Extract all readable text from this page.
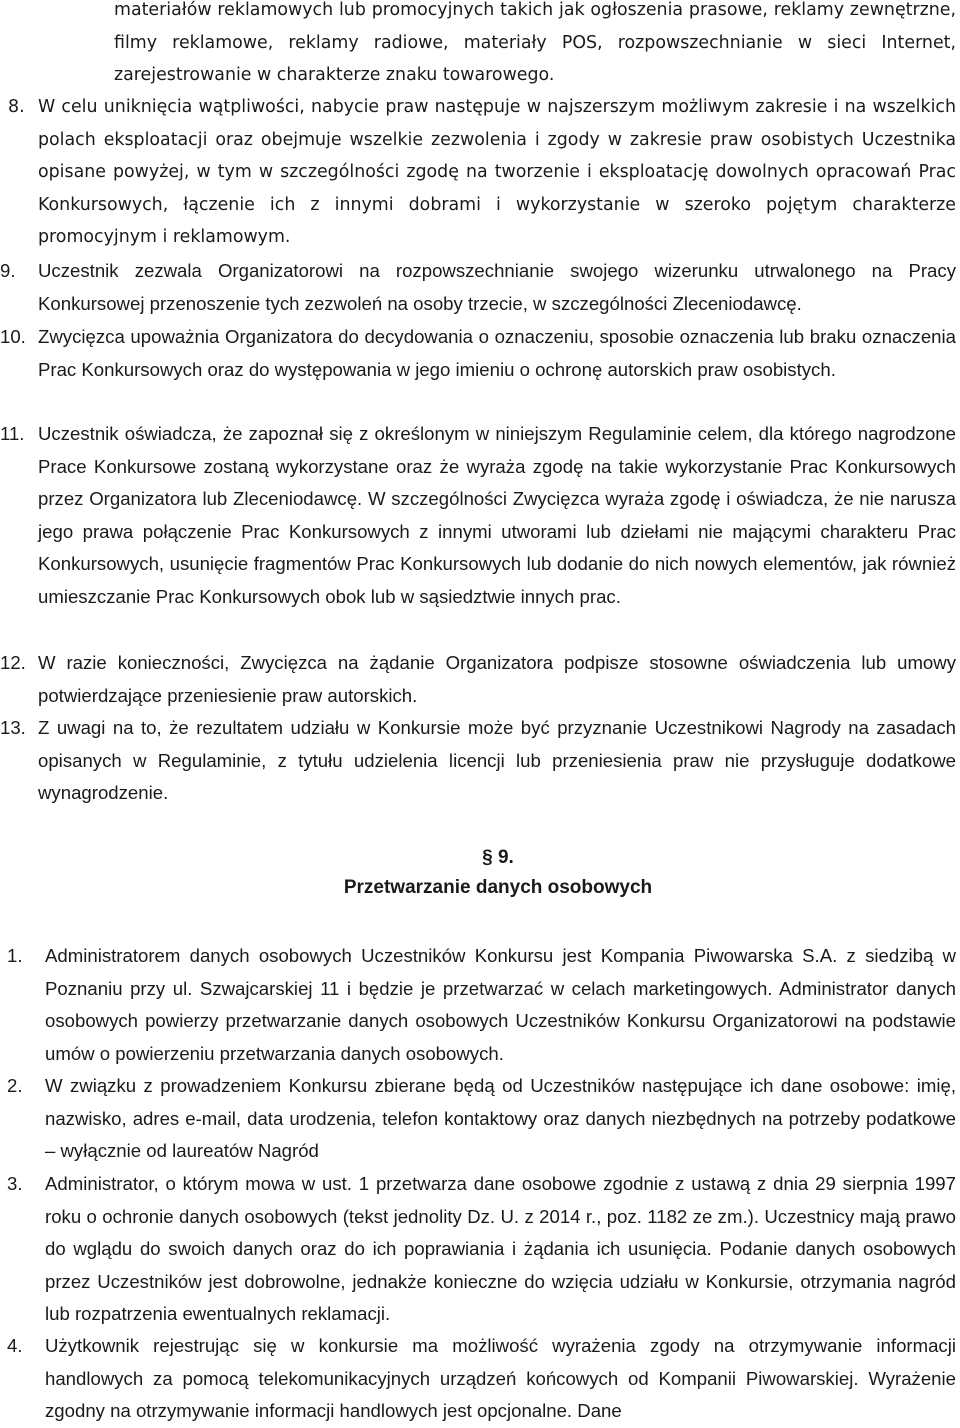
materiałów reklamowych lub promocyjnych takich jak ogłoszenia prasowe, reklamy zewnętrzne, filmy reklamowe, reklamy radiowe, materiały POS, rozpowszechnianie w sieci Internet, zarejestrowanie w charakterze znaku towarowego.
8. W celu uniknięcia wątpliwości, nabycie praw następuje w najszerszym możliwym zakresie i na wszelkich polach eksploatacji oraz obejmuje wszelkie zezwolenia i zgody w zakresie praw osobistych Uczestnika opisane powyżej, w tym w szczególności zgodę na tworzenie i eksploatację dowolnych opracowań Prac Konkursowych, łączenie ich z innymi dobrami i wykorzystanie w szeroko pojętym charakterze promocyjnym i reklamowym.
9. Uczestnik zezwala Organizatorowi na rozpowszechnianie swojego wizerunku utrwalonego na Pracy Konkursowej przenoszenie tych zezwoleń na osoby trzecie, w szczególności Zleceniodawcę.
10. Zwycięzca upoważnia Organizatora do decydowania o oznaczeniu, sposobie oznaczenia lub braku oznaczenia Prac Konkursowych oraz do występowania w jego imieniu o ochronę autorskich praw osobistych.
11. Uczestnik oświadcza, że zapoznał się z określonym w niniejszym Regulaminie celem, dla którego nagrodzone Prace Konkursowe zostaną wykorzystane oraz że wyraża zgodę na takie wykorzystanie Prac Konkursowych przez Organizatora lub Zleceniodawcę. W szczególności Zwycięzca wyraża zgodę i oświadcza, że nie narusza jego prawa połączenie Prac Konkursowych z innymi utworami lub dziełami nie mającymi charakteru Prac Konkursowych, usunięcie fragmentów Prac Konkursowych lub dodanie do nich nowych elementów, jak również umieszczanie Prac Konkursowych obok lub w sąsiedztwie innych prac.
12. W razie konieczności, Zwycięzca na żądanie Organizatora podpisze stosowne oświadczenia lub umowy potwierdzające przeniesienie praw autorskich.
13. Z uwagi na to, że rezultatem udziału w Konkursie może być przyznanie Uczestnikowi Nagrody na zasadach opisanych w Regulaminie, z tytułu udzielenia licencji lub przeniesienia praw nie przysługuje dodatkowe wynagrodzenie.
§ 9.
Przetwarzanie danych osobowych
1. Administratorem danych osobowych Uczestników Konkursu jest Kompania Piwowarska S.A. z siedzibą w Poznaniu przy ul. Szwajcarskiej 11 i będzie je przetwarzać w celach marketingowych. Administrator danych osobowych powierzy przetwarzanie danych osobowych Uczestników Konkursu Organizatorowi na podstawie umów o powierzeniu przetwarzania danych osobowych.
2. W związku z prowadzeniem Konkursu zbierane będą od Uczestników następujące ich dane osobowe: imię, nazwisko, adres e-mail, data urodzenia, telefon kontaktowy oraz danych niezbędnych na potrzeby podatkowe – wyłącznie od laureatów Nagród
3. Administrator, o którym mowa w ust. 1 przetwarza dane osobowe zgodnie z ustawą z dnia 29 sierpnia 1997 roku o ochronie danych osobowych (tekst jednolity Dz. U. z 2014 r., poz. 1182 ze zm.). Uczestnicy mają prawo do wglądu do swoich danych oraz do ich poprawiania i żądania ich usunięcia. Podanie danych osobowych przez Uczestników jest dobrowolne, jednakże konieczne do wzięcia udziału w Konkursie, otrzymania nagród lub rozpatrzenia ewentualnych reklamacji.
4. Użytkownik rejestrując się w konkursie ma możliwość wyrażenia zgody na otrzymywanie informacji handlowych za pomocą telekomunikacyjnych urządzeń końcowych od Kompanii Piwowarskiej. Wyrażenie zgodny na otrzymywanie informacji handlowych jest opcjonalne. Dane
